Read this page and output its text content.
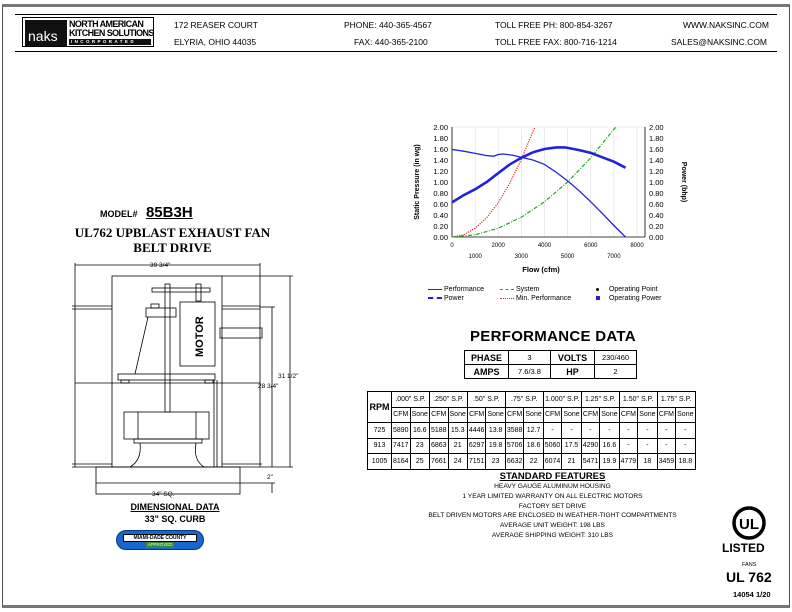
naks
NORTH AMERICAN
KITCHEN SOLUTIONS
INCORPORATED
172 REASER COURT
ELYRIA, OHIO 44035
PHONE: 440-365-4567
FAX: 440-365-2100
TOLL FREE PH: 800-854-3267
TOLL FREE FAX: 800-716-1214
WWW.NAKSINC.COM
SALES@NAKSINC.COM
MODEL# 85B3H
UL762 UPBLAST EXHAUST FAN
BELT DRIVE
39 3/4"
31 1/2"
28 3/4"
2"
34" SQ.
MOTOR
DIMENSIONAL DATA
33" SQ. CURB
MIAMI-DADE COUNTY
APPROVED
2.00
1.80
1.60
1.40
1.20
1.00
0.80
0.60
0.40
0.20
0.00
2.00
1.80
1.60
1.40
1.20
1.00
0.80
0.60
0.40
0.20
0.00
0	2000	4000	6000	8000
1000	3000	5000	7000
Flow (cfm)
Static Pressure (in wg)	Power (bhp)
Performance
Power
System
Min. Performance
Operating Point
Operating Power
PERFORMANCE DATA
PHASE	3	VOLTS	230/460
AMPS	7.6/3.8	HP	2
RPM	.000" S.P.		.250" S.P.		.50" S.P.		.75" S.P.		1.000" S.P.		1.25" S.P.		1.50" S.P.		1.75" S.P.	
	CFM	Sone	CFM	Sone	CFM	Sone	CFM	Sone	CFM	Sone	CFM	Sone	CFM	Sone	CFM	Sone
725	5890	16.6	5188	15.3	4446	13.8	3588	12.7	-	-	-	-	-	-	-	-
913	7417	23	6863	21	6297	19.8	5706	18.6	5060	17.5	4290	16.6	-	-	-	-
1005	8164	25	7661	24	7151	23	6632	22	6074	21	5471	19.9	4779	18	3459	18.8
STANDARD FEATURES
HEAVY GAUGE ALUMINUM HOUSING
1 YEAR LIMITED WARRANTY ON ALL ELECTRIC MOTORS
FACTORY SET DRIVE
BELT DRIVEN MOTORS ARE ENCLOSED IN WEATHER-TIGHT COMPARTMENTS
AVERAGE UNIT WEIGHT: 198 LBS
AVERAGE SHIPPING WEIGHT: 310 LBS
UL
LISTED
FANS
UL 762
14054 1/20
